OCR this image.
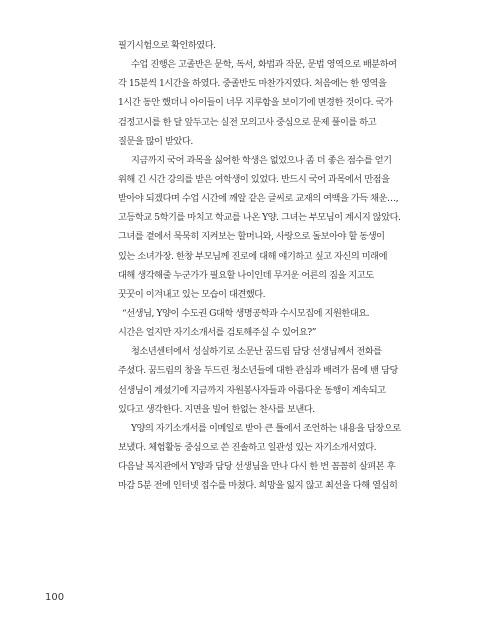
필기시험으로 확인하였다.
수업 진행은 고졸반은 문학, 독서, 화법과 작문, 문법 영역으로 배분하여
각 15분씩 1시간을 하였다. 중졸반도 마찬가지였다. 처음에는 한 영역을
1시간 동안 했더니 아이들이 너무 지루함을 보이기에 변경한 것이다. 국가
검정고시를 한 달 앞두고는 실전 모의고사 중심으로 문제 풀이를 하고
질문을 많이 받았다.
지금까지 국어 과목을 싫어한 학생은 없었으나 좀 더 좋은 점수를 얻기
위해 긴 시간 강의를 받은 여학생이 있었다. 반드시 국어 과목에서 만점을
받아야 되겠다며 수업 시간에 깨알 같은 글씨로 교재의 여백을 가득 채운…,
고등학교 5학기를 마치고 학교를 나온 Y양. 그녀는 부모님이 계시지 않았다.
그녀를 곁에서 묵묵히 지켜보는 할머니와, 사랑으로 돌보아야 할 동생이
있는 소녀가장. 한창 부모님께 진로에 대해 얘기하고 싶고 자신의 미래에
대해 생각해줄 누군가가 필요할 나이인데 무거운 어른의 짐을 지고도
꿋꿋이 이겨내고 있는 모습이 대견했다.
“선생님, Y양이 수도권 G대학 생명공학과 수시모집에 지원한대요.
시간은 얼지만 자기소개서를 검토해주실 수 있어요?”
청소년센터에서 성실하기로 소문난 꿈드림 담당 선생님께서 전화를
주셨다. 꿈드림의 창을 두드린 청소년들에 대한 관심과 배려가 몸에 밴 담당
선생님이 계셨기에 지금까지 자원봉사자들과 아름다운 동행이 계속되고
있다고 생각한다. 지면을 빌어 한없는 찬사를 보낸다.
Y양의 자기소개서를 이메일로 받아 큰 틀에서 조언하는 내용을 담장으로
보냈다. 체험활동 중심으로 쓴 진솔하고 일관성 있는 자기소개서였다.
다음날 복지관에서 Y양과 담당 선생님을 만나 다시 한 번 꼼꼼히 살펴본 후
마감 5분 전에 인터넷 접수를 마쳤다. 희망을 잃지 않고 최선을 다해 열심히
100
